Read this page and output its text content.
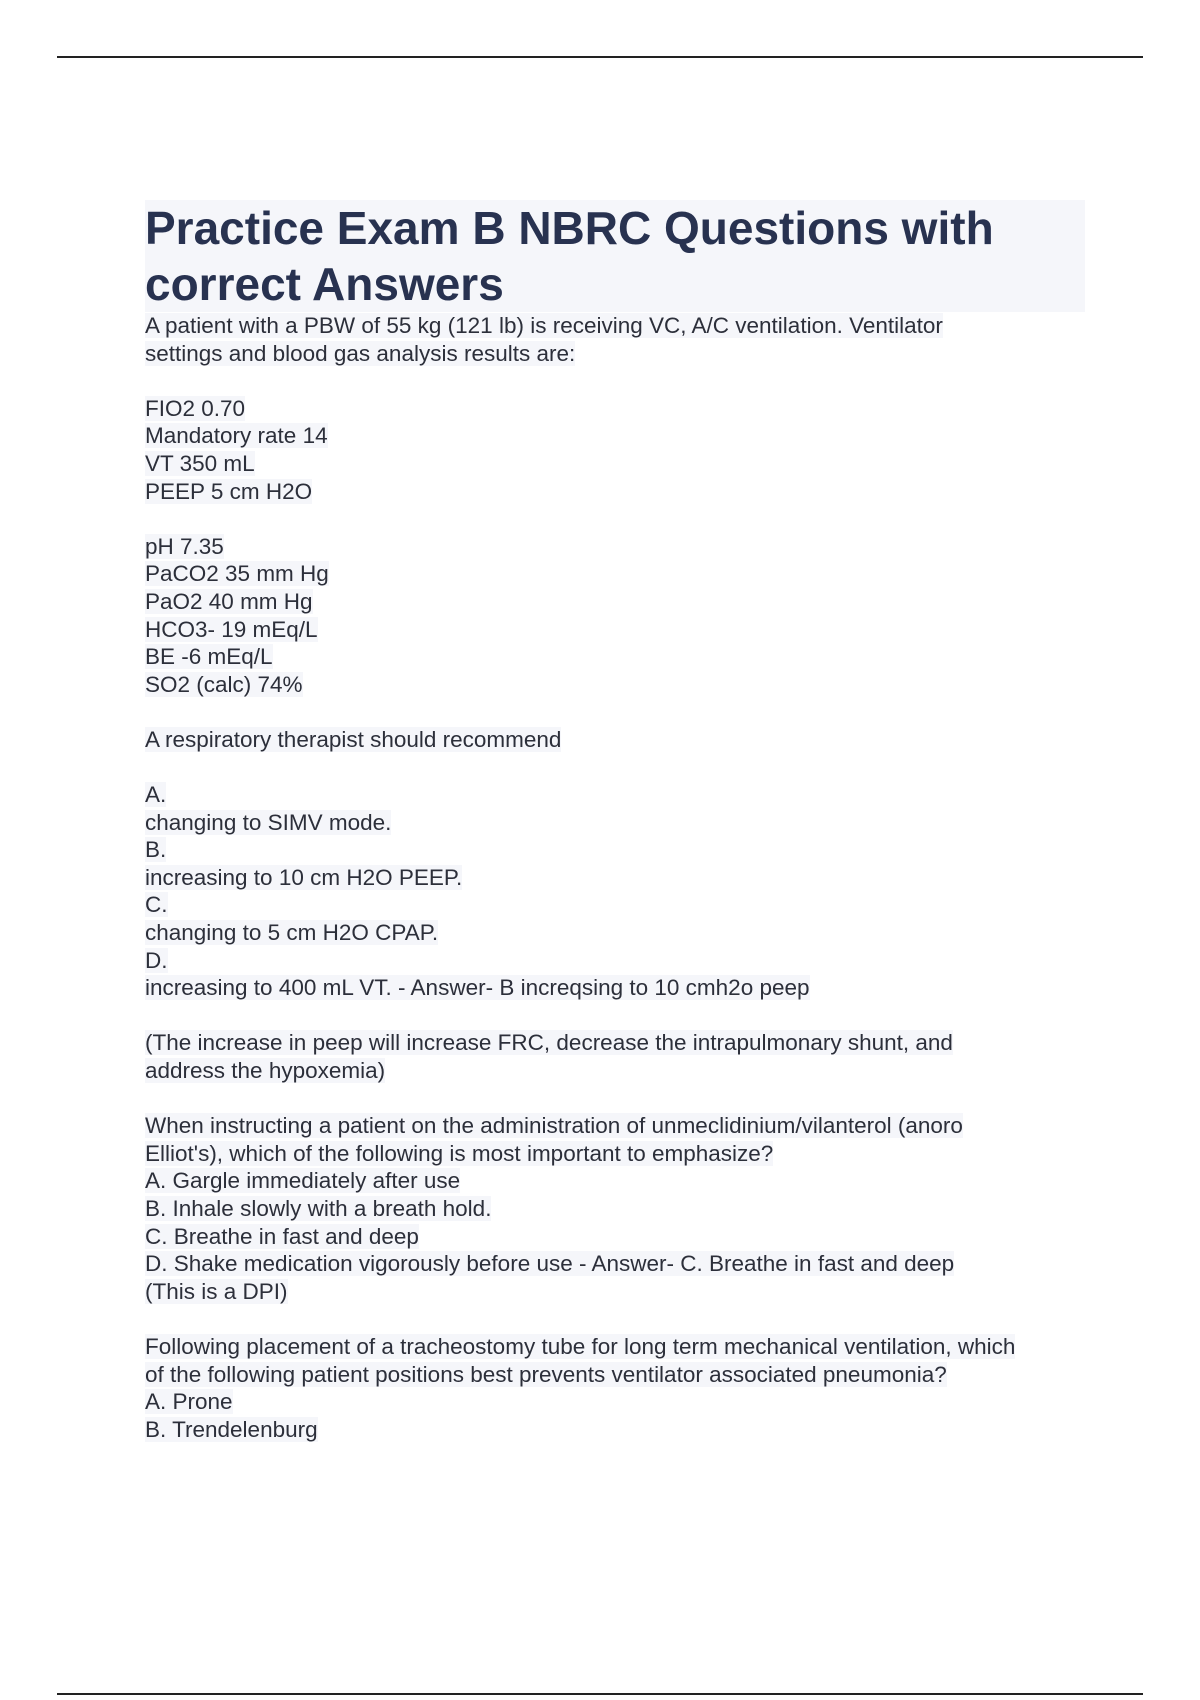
Practice Exam B NBRC Questions with
correct Answers
A patient with a PBW of 55 kg (121 lb) is receiving VC, A/C ventilation. Ventilator
settings and blood gas analysis results are:
FIO2 0.70
Mandatory rate 14
VT 350 mL
PEEP 5 cm H2O
pH 7.35
PaCO2 35 mm Hg
PaO2 40 mm Hg
HCO3- 19 mEq/L
BE -6 mEq/L
SO2 (calc) 74%
A respiratory therapist should recommend
A.
changing to SIMV mode.
B.
increasing to 10 cm H2O PEEP.
C.
changing to 5 cm H2O CPAP.
D.
increasing to 400 mL VT. - Answer- B increqsing to 10 cmh2o peep
(The increase in peep will increase FRC, decrease the intrapulmonary shunt, and
address the hypoxemia)
When instructing a patient on the administration of unmeclidinium/vilanterol (anoro
Elliot's), which of the following is most important to emphasize?
A. Gargle immediately after use
B. Inhale slowly with a breath hold.
C. Breathe in fast and deep
D. Shake medication vigorously before use - Answer- C. Breathe in fast and deep
(This is a DPI)
Following placement of a tracheostomy tube for long term mechanical ventilation, which
of the following patient positions best prevents ventilator associated pneumonia?
A. Prone
B. Trendelenburg
